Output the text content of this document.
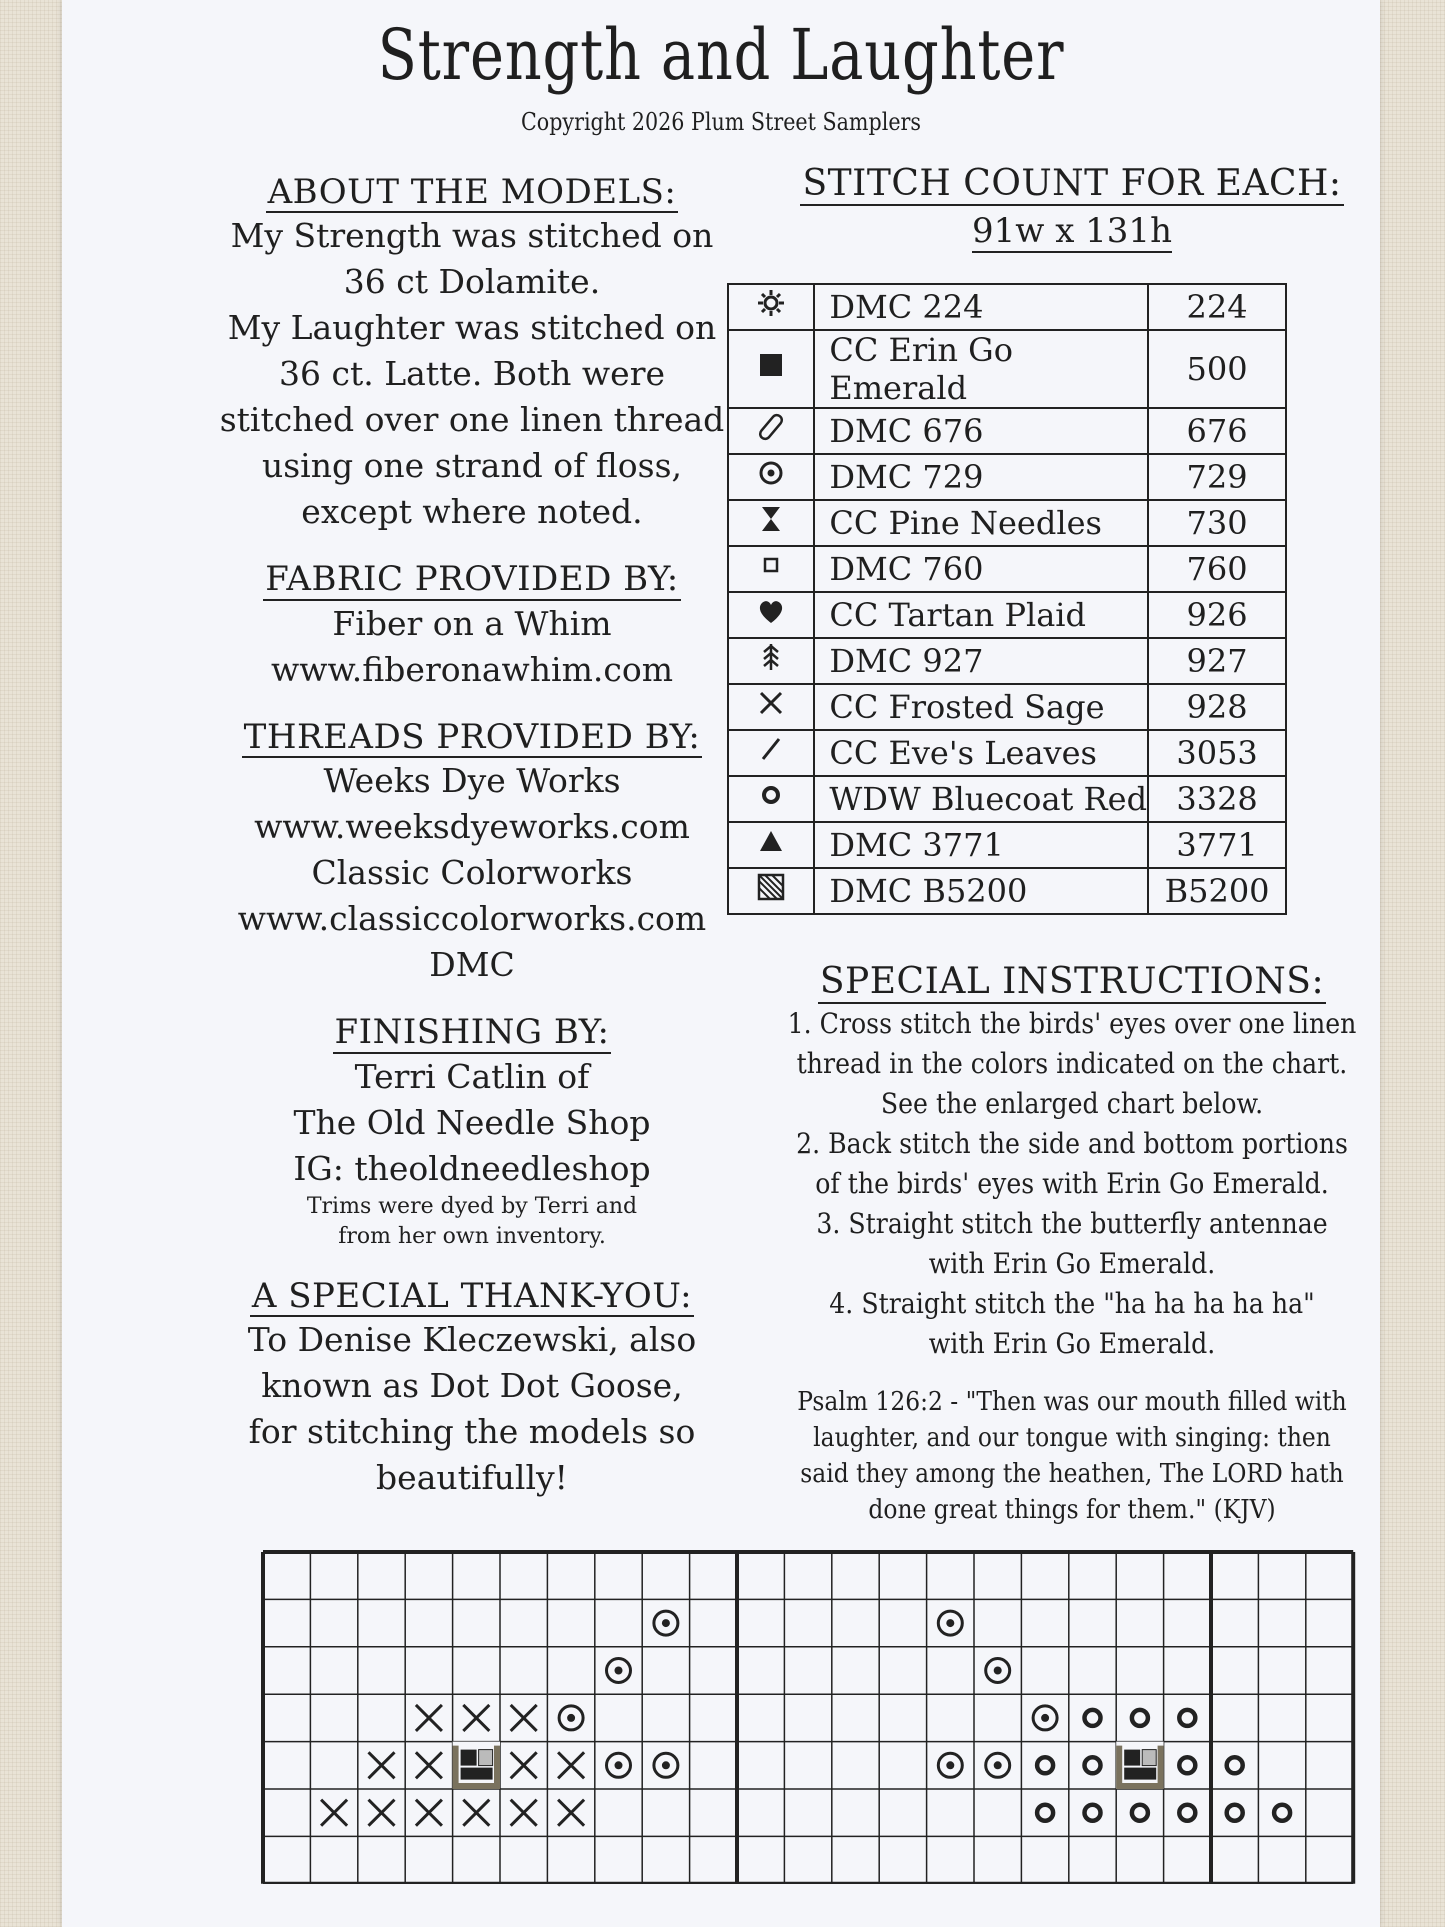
Strength and Laughter
Copyright 2026 Plum Street Samplers
ABOUT THE MODELS:
My Strength was stitched on
36 ct Dolamite.
My Laughter was stitched on
36 ct. Latte. Both were
stitched over one linen thread
using one strand of floss,
except where noted.
FABRIC PROVIDED BY:
Fiber on a Whim
www.fiberonawhim.com
THREADS PROVIDED BY:
Weeks Dye Works
www.weeksdyeworks.com
Classic Colorworks
www.classiccolorworks.com
DMC
FINISHING BY:
Terri Catlin of
The Old Needle Shop
IG: theoldneedleshop
Trims were dyed by Terri and
from her own inventory.
A SPECIAL THANK-YOU:
To Denise Kleczewski, also
known as Dot Dot Goose,
for stitching the models so
beautifully!
STITCH COUNT FOR EACH:
91w x 131h
	DMC 224	224
	CC Erin Go Emerald	500
	DMC 676	676
	DMC 729	729
	CC Pine Needles	730
	DMC 760	760
	CC Tartan Plaid	926
	DMC 927	927
	CC Frosted Sage	928
	CC Eve's Leaves	3053
	WDW Bluecoat Red	3328
	DMC 3771	3771
	DMC B5200	B5200
SPECIAL INSTRUCTIONS:
1. Cross stitch the birds' eyes over one linen
thread in the colors indicated on the chart.
See the enlarged chart below.
2. Back stitch the side and bottom portions
of the birds' eyes with Erin Go Emerald.
3. Straight stitch the butterfly antennae
with Erin Go Emerald.
4. Straight stitch the "ha ha ha ha ha"
with Erin Go Emerald.
Psalm 126:2 - "Then was our mouth filled with
laughter, and our tongue with singing: then
said they among the heathen, The LORD hath
done great things for them." (KJV)
